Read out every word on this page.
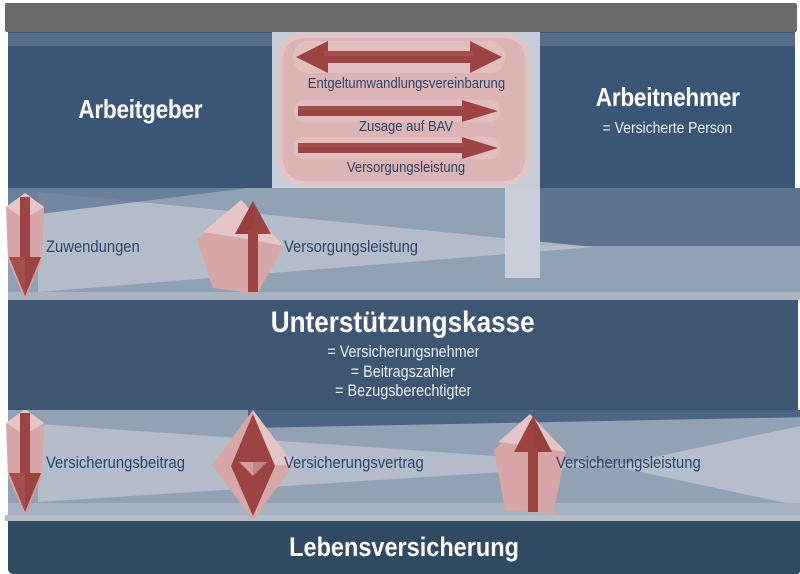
Arbeitgeber	Arbeitnehmer
= Versicherte Person
Entgeltumwandlungsvereinbarung
Zusage auf BAV
Versorgungsleistung
Zuwendungen	Versorgungsleistung
Unterstützungskasse
= Versicherungsnehmer
= Beitragszahler
= Bezugsberechtigter
Versicherungsbeitrag	Versicherungsvertrag	Versicherungsleistung
Lebensversicherung
